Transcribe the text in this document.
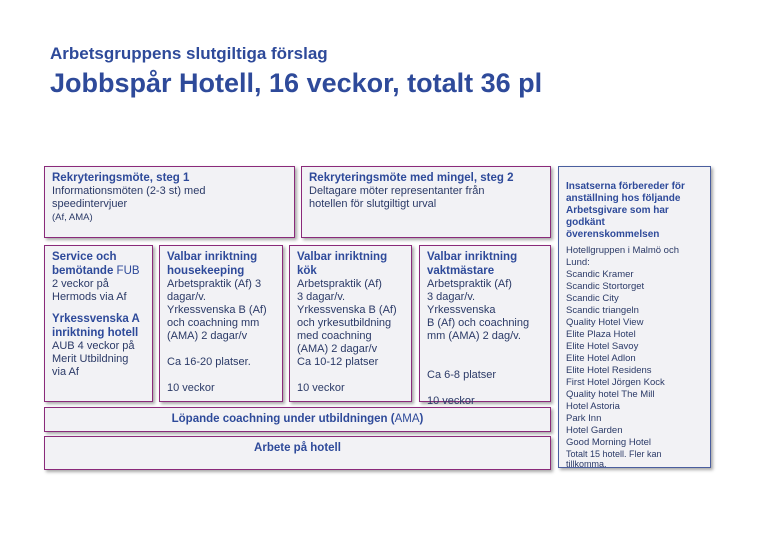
Arbetsgruppens slutgiltiga förslag
Jobbspår Hotell, 16 veckor, totalt 36 pl
Rekryteringsmöte, steg 1
Informationsmöten (2-3 st) med
speedintervjuer
(Af, AMA)
Rekryteringsmöte med mingel, steg 2
Deltagare möter representanter från
hotellen för slutgiltigt urval
Service och
bemötande FUB
2 veckor på
Hermods via Af
Yrkessvenska A
inriktning hotell
AUB 4 veckor på
Merit Utbildning
via Af
Valbar inriktning
housekeeping
Arbetspraktik (Af) 3
dagar/v.
Yrkessvenska B (Af)
och coachning mm
(AMA) 2 dagar/v
Ca 16-20 platser.
10 veckor
Valbar inriktning
kök
Arbetspraktik (Af)
3 dagar/v.
Yrkessvenska B (Af)
och yrkesutbildning
med coachning
(AMA) 2 dagar/v
Ca 10-12 platser
10 veckor
Valbar inriktning
vaktmästare
Arbetspraktik (Af)
3 dagar/v. Yrkessvenska
B (Af) och coachning
mm (AMA) 2 dag/v.
Ca 6-8 platser
10 veckor
Löpande coachning under utbildningen (AMA)
Arbete på hotell
Insatserna förbereder för
anställning hos följande
Arbetsgivare som har
godkänt
överenskommelsen
Hotellgruppen i Malmö och
Lund:
Scandic Kramer
Scandic Stortorget
Scandic City
Scandic triangeln
Quality Hotel View
Elite Plaza Hotel
Elite Hotel Savoy
Elite Hotel Adlon
Elite Hotel Residens
First Hotel Jörgen Kock
Quality hotel The Mill
Hotel Astoria
Park Inn
Hotel Garden
Good Morning Hotel
Totalt 15 hotell. Fler kan
tillkomma.
